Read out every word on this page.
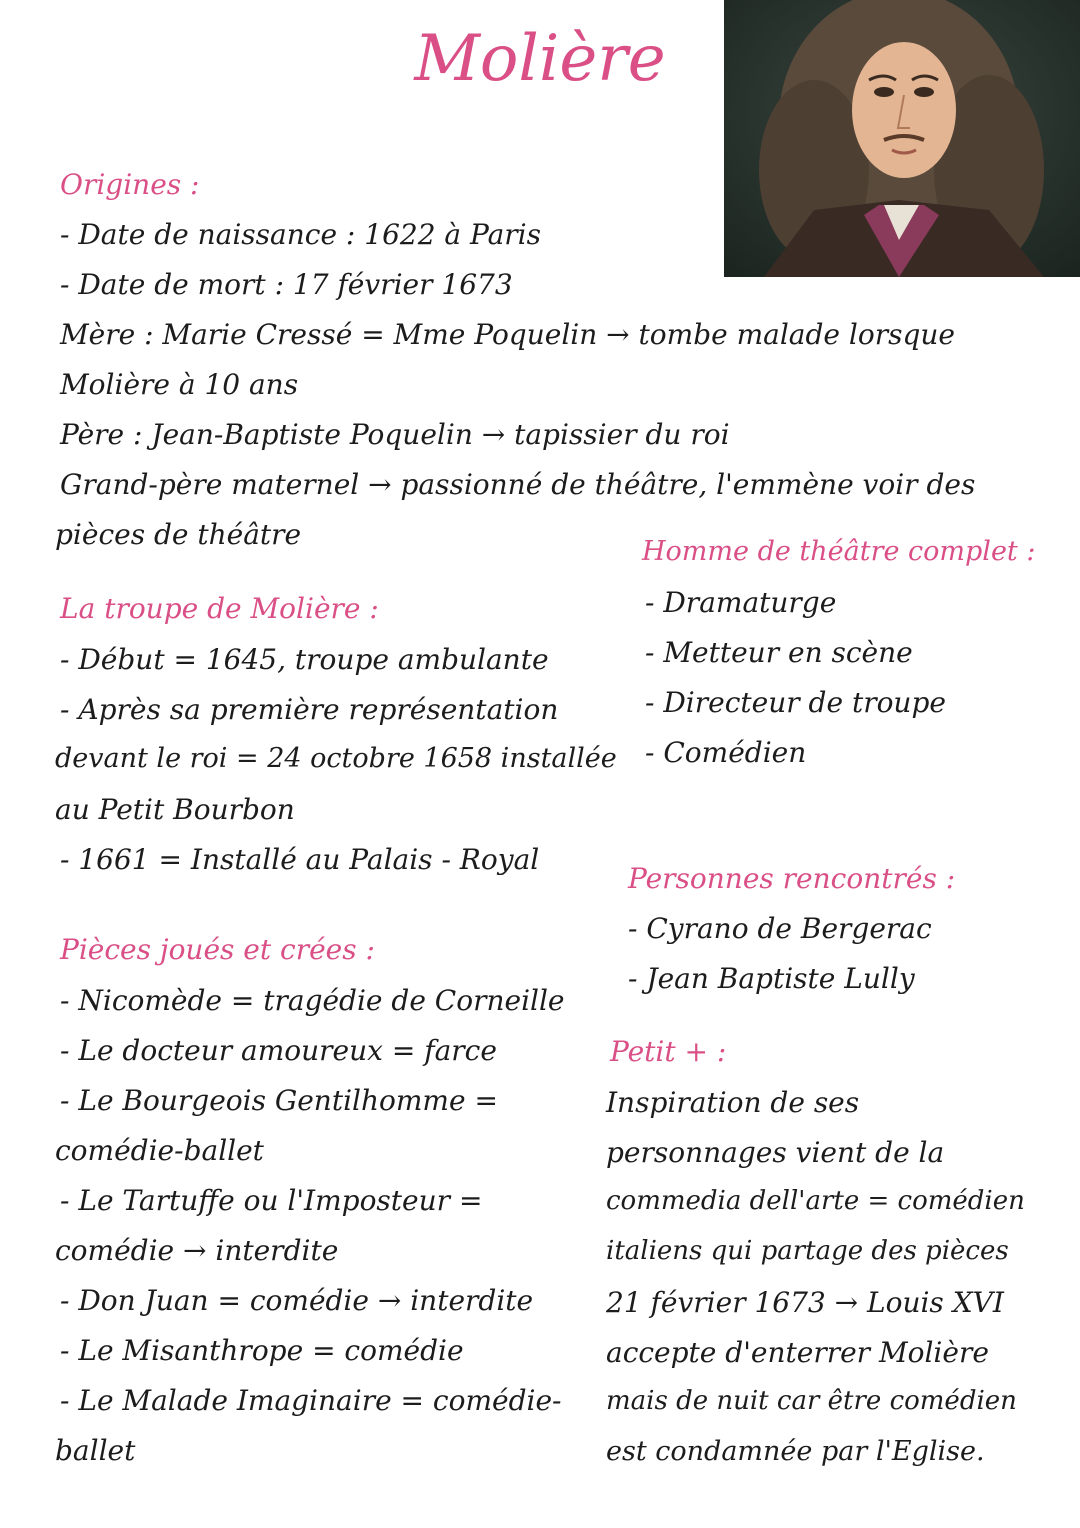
Molière
Origines :
- Date de naissance : 1622 à Paris
- Date de mort : 17 février 1673
Mère : Marie Cressé = Mme Poquelin → tombe malade lorsque
Molière à 10 ans
Père : Jean-Baptiste Poquelin → tapissier du roi
Grand-père maternel → passionné de théâtre, l'emmène voir des
pièces de théâtre
Homme de théâtre complet :
- Dramaturge
- Metteur en scène
- Directeur de troupe
- Comédien
La troupe de Molière :
- Début = 1645, troupe ambulante
- Après sa première représentation
devant le roi = 24 octobre 1658 installée
au Petit Bourbon
- 1661 = Installé au Palais - Royal
Personnes rencontrés :
- Cyrano de Bergerac
- Jean Baptiste Lully
Pièces joués et crées :
- Nicomède = tragédie de Corneille
- Le docteur amoureux = farce
- Le Bourgeois Gentilhomme =
comédie-ballet
- Le Tartuffe ou l'Imposteur =
comédie → interdite
- Don Juan = comédie → interdite
- Le Misanthrope = comédie
- Le Malade Imaginaire = comédie-
ballet
Petit + :
Inspiration de ses
personnages vient de la
commedia dell'arte = comédien
italiens qui partage des pièces
21 février 1673 → Louis XVI
accepte d'enterrer Molière
mais de nuit car être comédien
est condamnée par l'Eglise.
